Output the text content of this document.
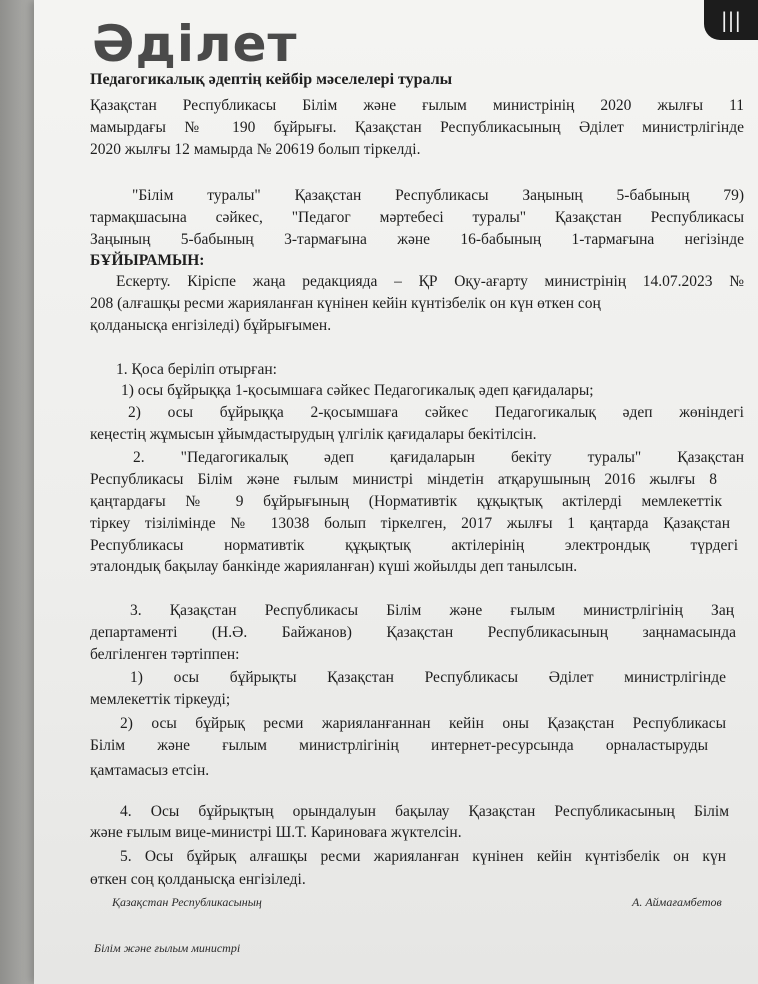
|||
Әділет
Педагогикалық әдептің кейбір мәселелері туралы
Қазақстан Республикасы Білім және ғылым министрінің 2020 жылғы 11
мамырдағы № 190 бұйрығы. Қазақстан Республикасының Әділет министрлігінде
2020 жылғы 12 мамырда № 20619 болып тіркелді.
"Білім туралы" Қазақстан Республикасы Заңының 5-бабының 79)
тармақшасына сәйкес, "Педагог мәртебесі туралы" Қазақстан Республикасы
Заңының 5-бабының 3-тармағына және 16-бабының 1-тармағына негізінде
БҰЙЫРАМЫН:
Ескерту. Кіріспе жаңа редакцияда – ҚР Оқу-ағарту министрінің 14.07.2023 №
208 (алғашқы ресми жарияланған күнінен кейін күнтізбелік он күн өткен соң
қолданысқа енгізіледі) бұйрығымен.
1. Қоса беріліп отырған:
1) осы бұйрыққа 1-қосымшаға сәйкес Педагогикалық әдеп қағидалары;
2) осы бұйрыққа 2-қосымшаға сәйкес Педагогикалық әдеп жөніндегі
кеңестің жұмысын ұйымдастырудың үлгілік қағидалары бекітілсін.
2. "Педагогикалық әдеп қағидаларын бекіту туралы" Қазақстан
Республикасы Білім және ғылым министрі міндетін атқарушының 2016 жылғы 8
қаңтардағы № 9 бұйрығының (Нормативтік құқықтық актілерді мемлекеттік
тіркеу тізілімінде № 13038 болып тіркелген, 2017 жылғы 1 қаңтарда Қазақстан
Республикасы нормативтік құқықтық актілерінің электрондық түрдегі
эталондық бақылау банкінде жарияланған) күші жойылды деп танылсын.
3. Қазақстан Республикасы Білім және ғылым министрлігінің Заң
департаменті (Н.Ә. Байжанов) Қазақстан Республикасының заңнамасында
белгіленген тәртіппен:
1) осы бұйрықты Қазақстан Республикасы Әділет министрлігінде
мемлекеттік тіркеуді;
2) осы бұйрық ресми жарияланғаннан кейін оны Қазақстан Республикасы
Білім және ғылым министрлігінің интернет-ресурсында орналастыруды
қамтамасыз етсін.
4. Осы бұйрықтың орындалуын бақылау Қазақстан Республикасының Білім
және ғылым вице-министрі Ш.Т. Кариноваға жүктелсін.
5. Осы бұйрық алғашқы ресми жарияланған күнінен кейін күнтізбелік он күн
өткен соң қолданысқа енгізіледі.
Қазақстан Республикасының	А. Аймағамбетов
Білім және ғылым министрі
